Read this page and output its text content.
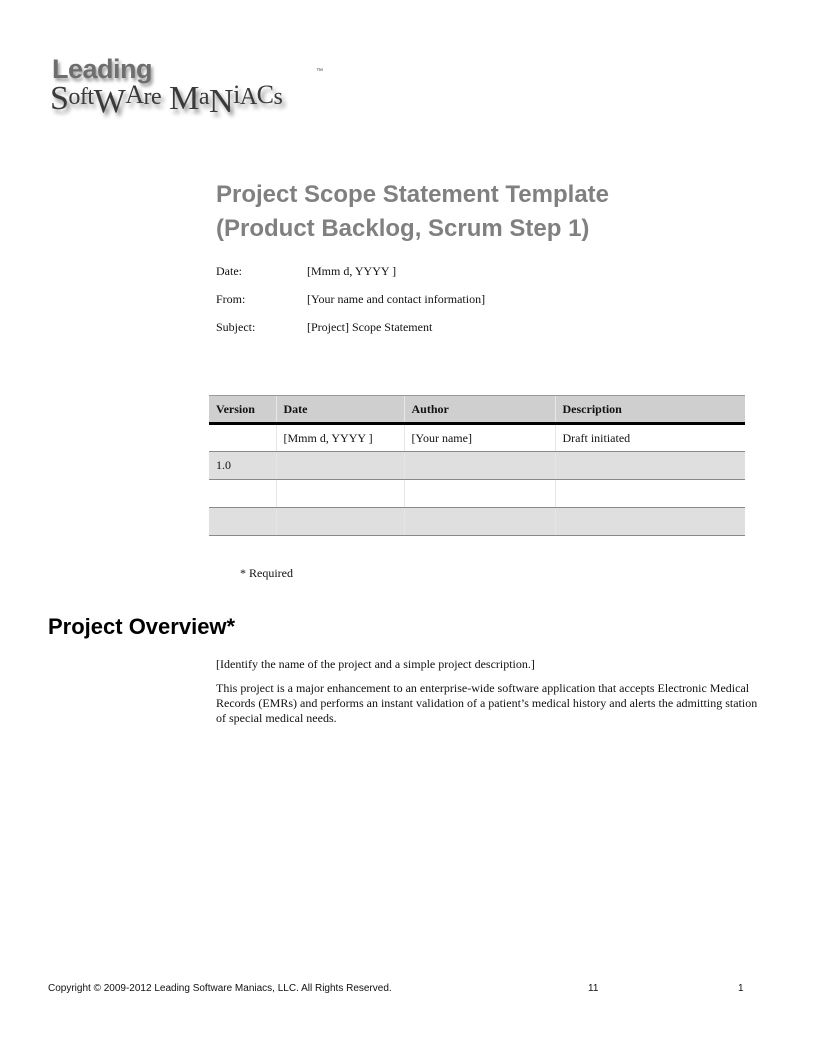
Leading
SoftWAre MaNiACs
™
Project Scope Statement Template
(Product Backlog, Scrum Step 1)
Date:	[Mmm d, YYYY ]
From:	[Your name and contact information]
Subject:	[Project] Scope Statement
Version	Date	Author	Description
	[Mmm d, YYYY ]	[Your name]	Draft initiated
1.0			

* Required
Project Overview*
[Identify the name of the project and a simple project description.]
This project is a major enhancement to an enterprise-wide software application that accepts Electronic Medical Records (EMRs) and performs an instant validation of a patient’s medical history and alerts the admitting station of special medical needs.
Copyright © 2009-2012 Leading Software Maniacs, LLC. All Rights Reserved.	11	1
